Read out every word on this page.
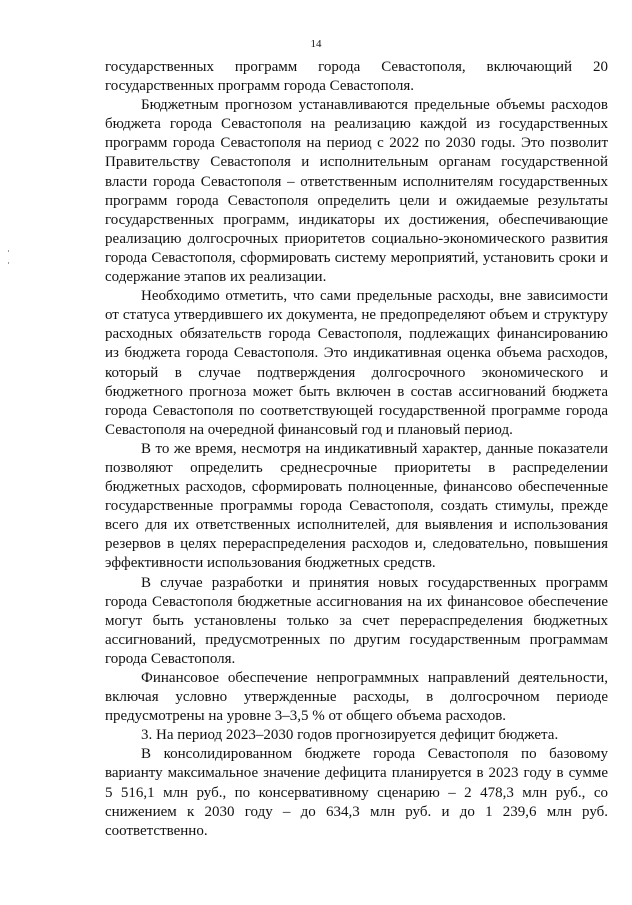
14

государственных программ города Севастополя, включающий 20 государственных программ города Севастополя.

Бюджетным прогнозом устанавливаются предельные объемы расходов бюджета города Севастополя на реализацию каждой из государственных программ города Севастополя на период с 2022 по 2030 годы. Это позволит Правительству Севастополя и исполнительным органам государственной власти города Севастополя – ответственным исполнителям государственных программ города Севастополя определить цели и ожидаемые результаты государственных программ, индикаторы их достижения, обеспечивающие реализацию долгосрочных приоритетов социально-экономического развития города Севастополя, сформировать систему мероприятий, установить сроки и содержание этапов их реализации.

Необходимо отметить, что сами предельные расходы, вне зависимости от статуса утвердившего их документа, не предопределяют объем и структуру расходных обязательств города Севастополя, подлежащих финансированию из бюджета города Севастополя. Это индикативная оценка объема расходов, который в случае подтверждения долгосрочного экономического и бюджетного прогноза может быть включен в состав ассигнований бюджета города Севастополя по соответствующей государственной программе города Севастополя на очередной финансовый год и плановый период.

В то же время, несмотря на индикативный характер, данные показатели позволяют определить среднесрочные приоритеты в распределении бюджетных расходов, сформировать полноценные, финансово обеспеченные государственные программы города Севастополя, создать стимулы, прежде всего для их ответственных исполнителей, для выявления и использования резервов в целях перераспределения расходов и, следовательно, повышения эффективности использования бюджетных средств.

В случае разработки и принятия новых государственных программ города Севастополя бюджетные ассигнования на их финансовое обеспечение могут быть установлены только за счет перераспределения бюджетных ассигнований, предусмотренных по другим государственным программам города Севастополя.

Финансовое обеспечение непрограммных направлений деятельности, включая условно утвержденные расходы, в долгосрочном периоде предусмотрены на уровне 3–3,5 % от общего объема расходов.

3. На период 2023–2030 годов прогнозируется дефицит бюджета.

В консолидированном бюджете города Севастополя по базовому варианту максимальное значение дефицита планируется в 2023 году в сумме 5 516,1 млн руб., по консервативному сценарию – 2 478,3 млн руб., со снижением к 2030 году – до 634,3 млн руб. и до 1 239,6 млн руб. соответственно.
